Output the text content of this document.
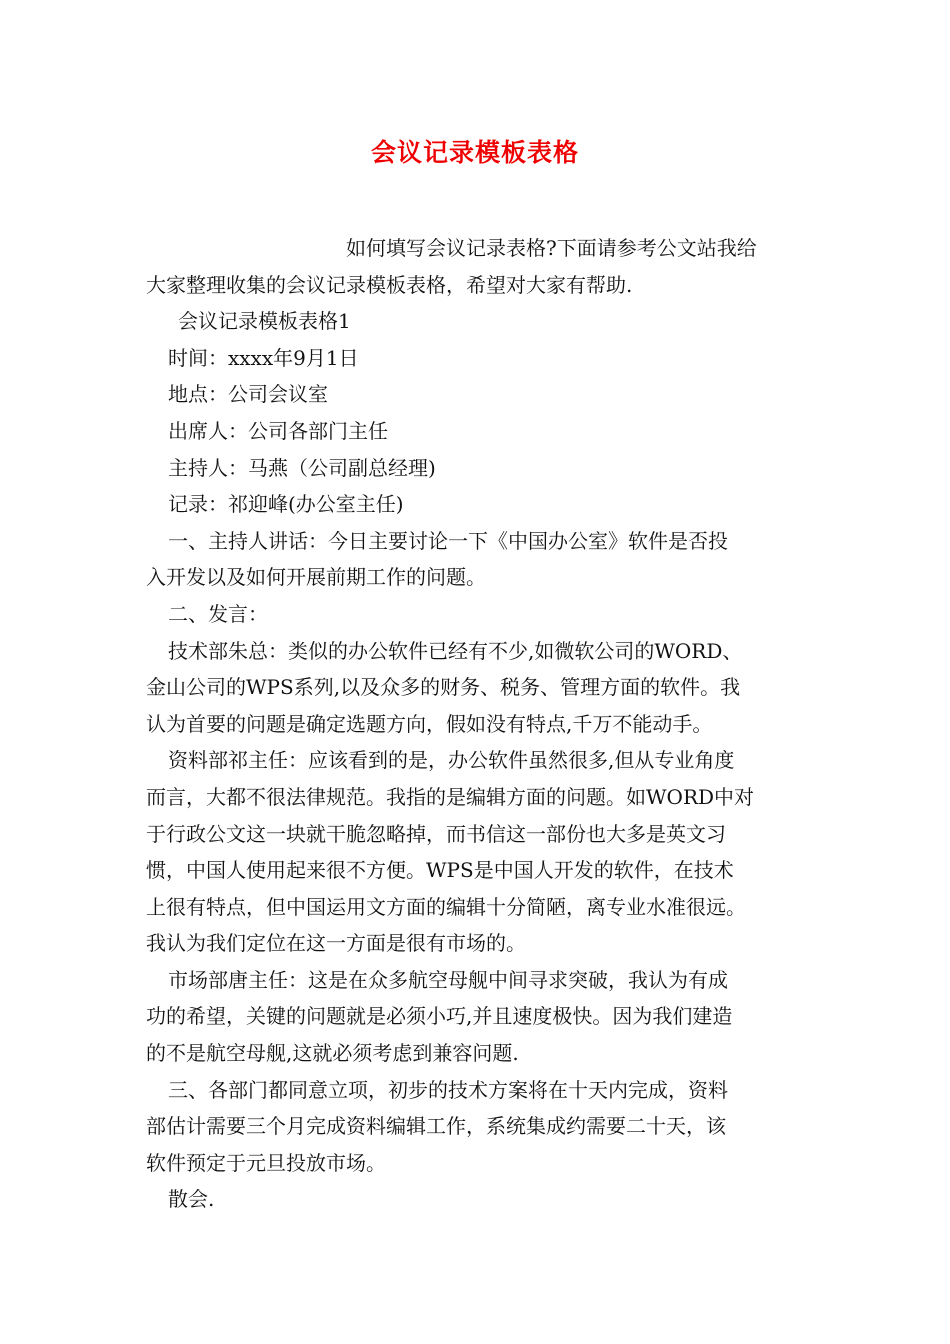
会议记录模板表格
如何填写会议记录表格?下面请参考公文站我给
大家整理收集的会议记录模板表格，希望对大家有帮助.
会议记录模板表格1
时间：xxxx年9月1日
地点：公司会议室
出席人：公司各部门主任
主持人：马燕（公司副总经理)
记录：祁迎峰(办公室主任)
一、主持人讲话：今日主要讨论一下《中国办公室》软件是否投
入开发以及如何开展前期工作的问题。
二、发言：
技术部朱总：类似的办公软件已经有不少,如微软公司的WORD、
金山公司的WPS系列,以及众多的财务、税务、管理方面的软件。我
认为首要的问题是确定选题方向，假如没有特点,千万不能动手。
资料部祁主任：应该看到的是，办公软件虽然很多,但从专业角度
而言，大都不很法律规范。我指的是编辑方面的问题。如WORD中对
于行政公文这一块就干脆忽略掉，而书信这一部份也大多是英文习
惯，中国人使用起来很不方便。WPS是中国人开发的软件，在技术
上很有特点，但中国运用文方面的编辑十分简陋，离专业水准很远。
我认为我们定位在这一方面是很有市场的。
市场部唐主任：这是在众多航空母舰中间寻求突破，我认为有成
功的希望，关键的问题就是必须小巧,并且速度极快。因为我们建造
的不是航空母舰,这就必须考虑到兼容问题.
三、各部门都同意立项，初步的技术方案将在十天内完成，资料
部估计需要三个月完成资料编辑工作，系统集成约需要二十天，该
软件预定于元旦投放市场。
散会.
